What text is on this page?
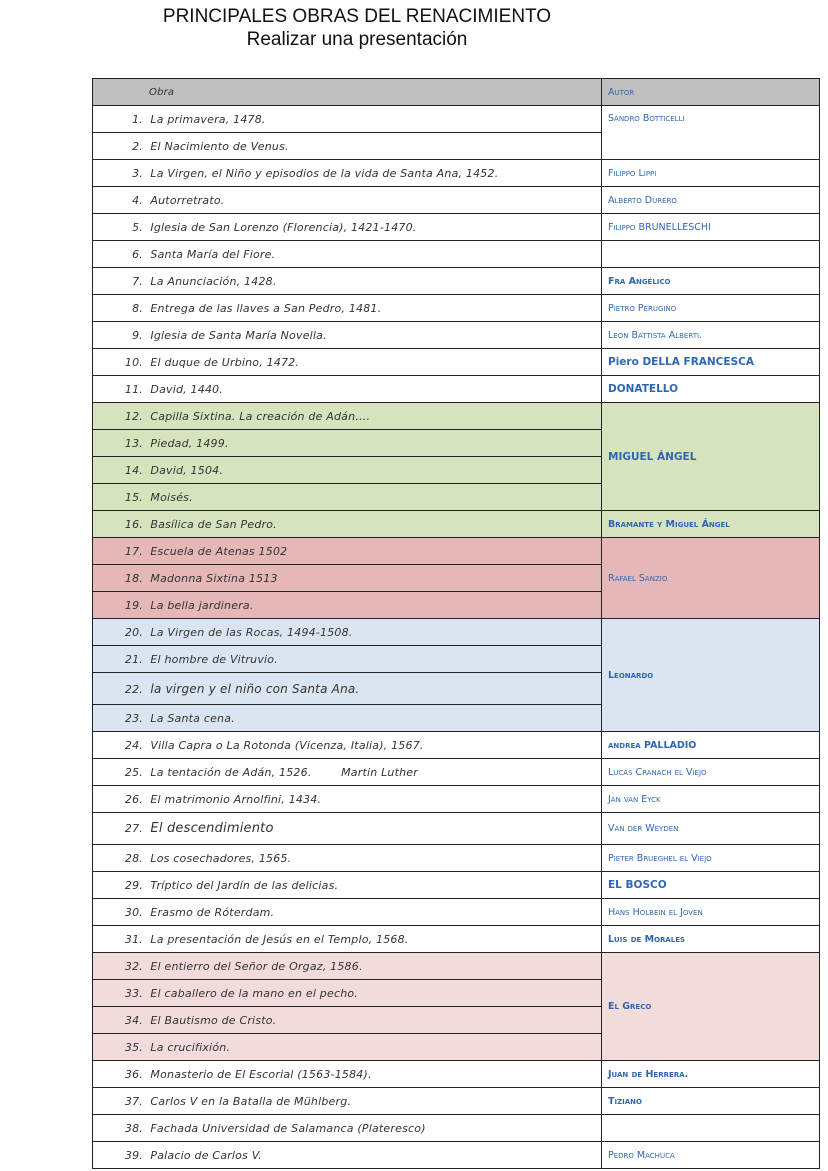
PRINCIPALES OBRAS DEL RENACIMIENTO
Realizar una presentación
Obra	Autor
1. La primavera, 1478.	Sandro Botticelli
2. El Nacimiento de Venus.	
3. La Virgen, el Niño y episodios de la vida de Santa Ana, 1452.	Filippo Lippi
4. Autorretrato.	Alberto Durero
5. Iglesia de San Lorenzo (Florencia), 1421-1470.	Filippo BRUNELLESCHI
6. Santa María del Fiore.	
7. La Anunciación, 1428.	Fra Angélico
8. Entrega de las llaves a San Pedro, 1481.	Pietro Perugino
9. Iglesia de Santa María Novella.	Leon Battista Alberti.
10. El duque de Urbino, 1472.	Piero DELLA FRANCESCA
11. David, 1440.	DONATELLO
12. Capilla Sixtina. La creación de Adán….	MIGUEL ÁNGEL
13. Piedad, 1499.	
14. David, 1504.	
15. Moisés.	
16. Basílica de San Pedro.	Bramante y Miguel Ángel
17. Escuela de Atenas 1502	Rafael Sanzio
18. Madonna Sixtina 1513	
19. La bella jardinera.	
20. La Virgen de las Rocas, 1494-1508.	Leonardo
21. El hombre de Vitruvio.	
22. la virgen y el niño con Santa Ana.	
23. La Santa cena.	
24. Villa Capra o La Rotonda (Vicenza, Italia), 1567.	andrea PALLADIO
25. La tentación de Adán, 1526.        Martin Luther	Lucas Cranach el Viejo
26. El matrimonio Arnolfini, 1434.	Jan van Eyck
27. El descendimiento	Van der Weyden
28. Los cosechadores, 1565.	Pieter Brueghel el Viejo
29. Tríptico del Jardín de las delicias.	EL BOSCO
30. Erasmo de Róterdam.	Hans Holbein el Joven
31. La presentación de Jesús en el Templo, 1568.	Luis de Morales
32. El entierro del Señor de Orgaz, 1586.	El Greco
33. El caballero de la mano en el pecho.	
34. El Bautismo de Cristo.	
35. La crucifixión.	
36. Monasterio de El Escorial (1563-1584).	Juan de Herrera.
37. Carlos V en la Batalla de Mühlberg.	Tiziano
38. Fachada Universidad de Salamanca (Plateresco)	
39. Palacio de Carlos V.	Pedro Machuca
